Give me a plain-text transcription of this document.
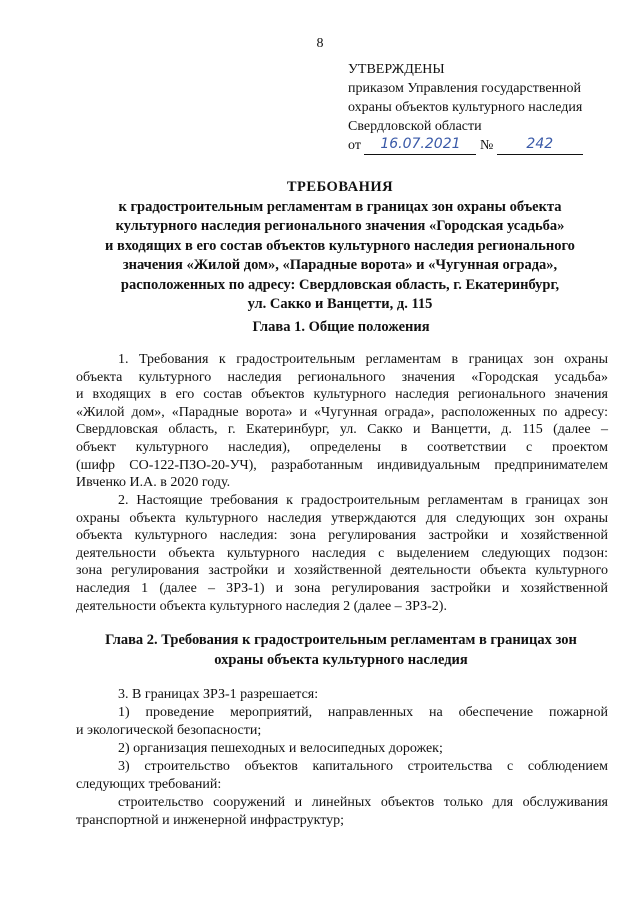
8
УТВЕРЖДЕНЫ
приказом Управления государственной
охраны объектов культурного наследия
Свердловской области
от	16.07.2021	№	242
ТРЕБОВАНИЯ
к градостроительным регламентам в границах зон охраны объекта
культурного наследия регионального значения «Городская усадьба»
и входящих в его состав объектов культурного наследия регионального
значения «Жилой дом», «Парадные ворота» и «Чугунная ограда»,
расположенных по адресу: Свердловская область, г. Екатеринбург,
ул. Сакко и Ванцетти, д. 115
Глава 1. Общие положения
1. Требования к градостроительным регламентам в границах зон охраны
объекта культурного наследия регионального значения «Городская усадьба»
и входящих в его состав объектов культурного наследия регионального значения
«Жилой дом», «Парадные ворота» и «Чугунная ограда», расположенных по адресу:
Свердловская область, г. Екатеринбург, ул. Сакко и Ванцетти, д. 115 (далее –
объект культурного наследия), определены в соответствии с проектом
(шифр СО-122-ПЗО-20-УЧ), разработанным индивидуальным предпринимателем
Ивченко И.А. в 2020 году.
2. Настоящие требования к градостроительным регламентам в границах зон
охраны объекта культурного наследия утверждаются для следующих зон охраны
объекта культурного наследия: зона регулирования застройки и хозяйственной
деятельности объекта культурного наследия с выделением следующих подзон:
зона регулирования застройки и хозяйственной деятельности объекта культурного
наследия 1 (далее – ЗРЗ-1) и зона регулирования застройки и хозяйственной
деятельности объекта культурного наследия 2 (далее – ЗРЗ-2).
Глава 2. Требования к градостроительным регламентам в границах зон
охраны объекта культурного наследия
3. В границах ЗРЗ-1 разрешается:
1) проведение мероприятий, направленных на обеспечение пожарной
и экологической безопасности;
2) организация пешеходных и велосипедных дорожек;
3) строительство объектов капитального строительства с соблюдением
следующих требований:
строительство сооружений и линейных объектов только для обслуживания
транспортной и инженерной инфраструктур;
